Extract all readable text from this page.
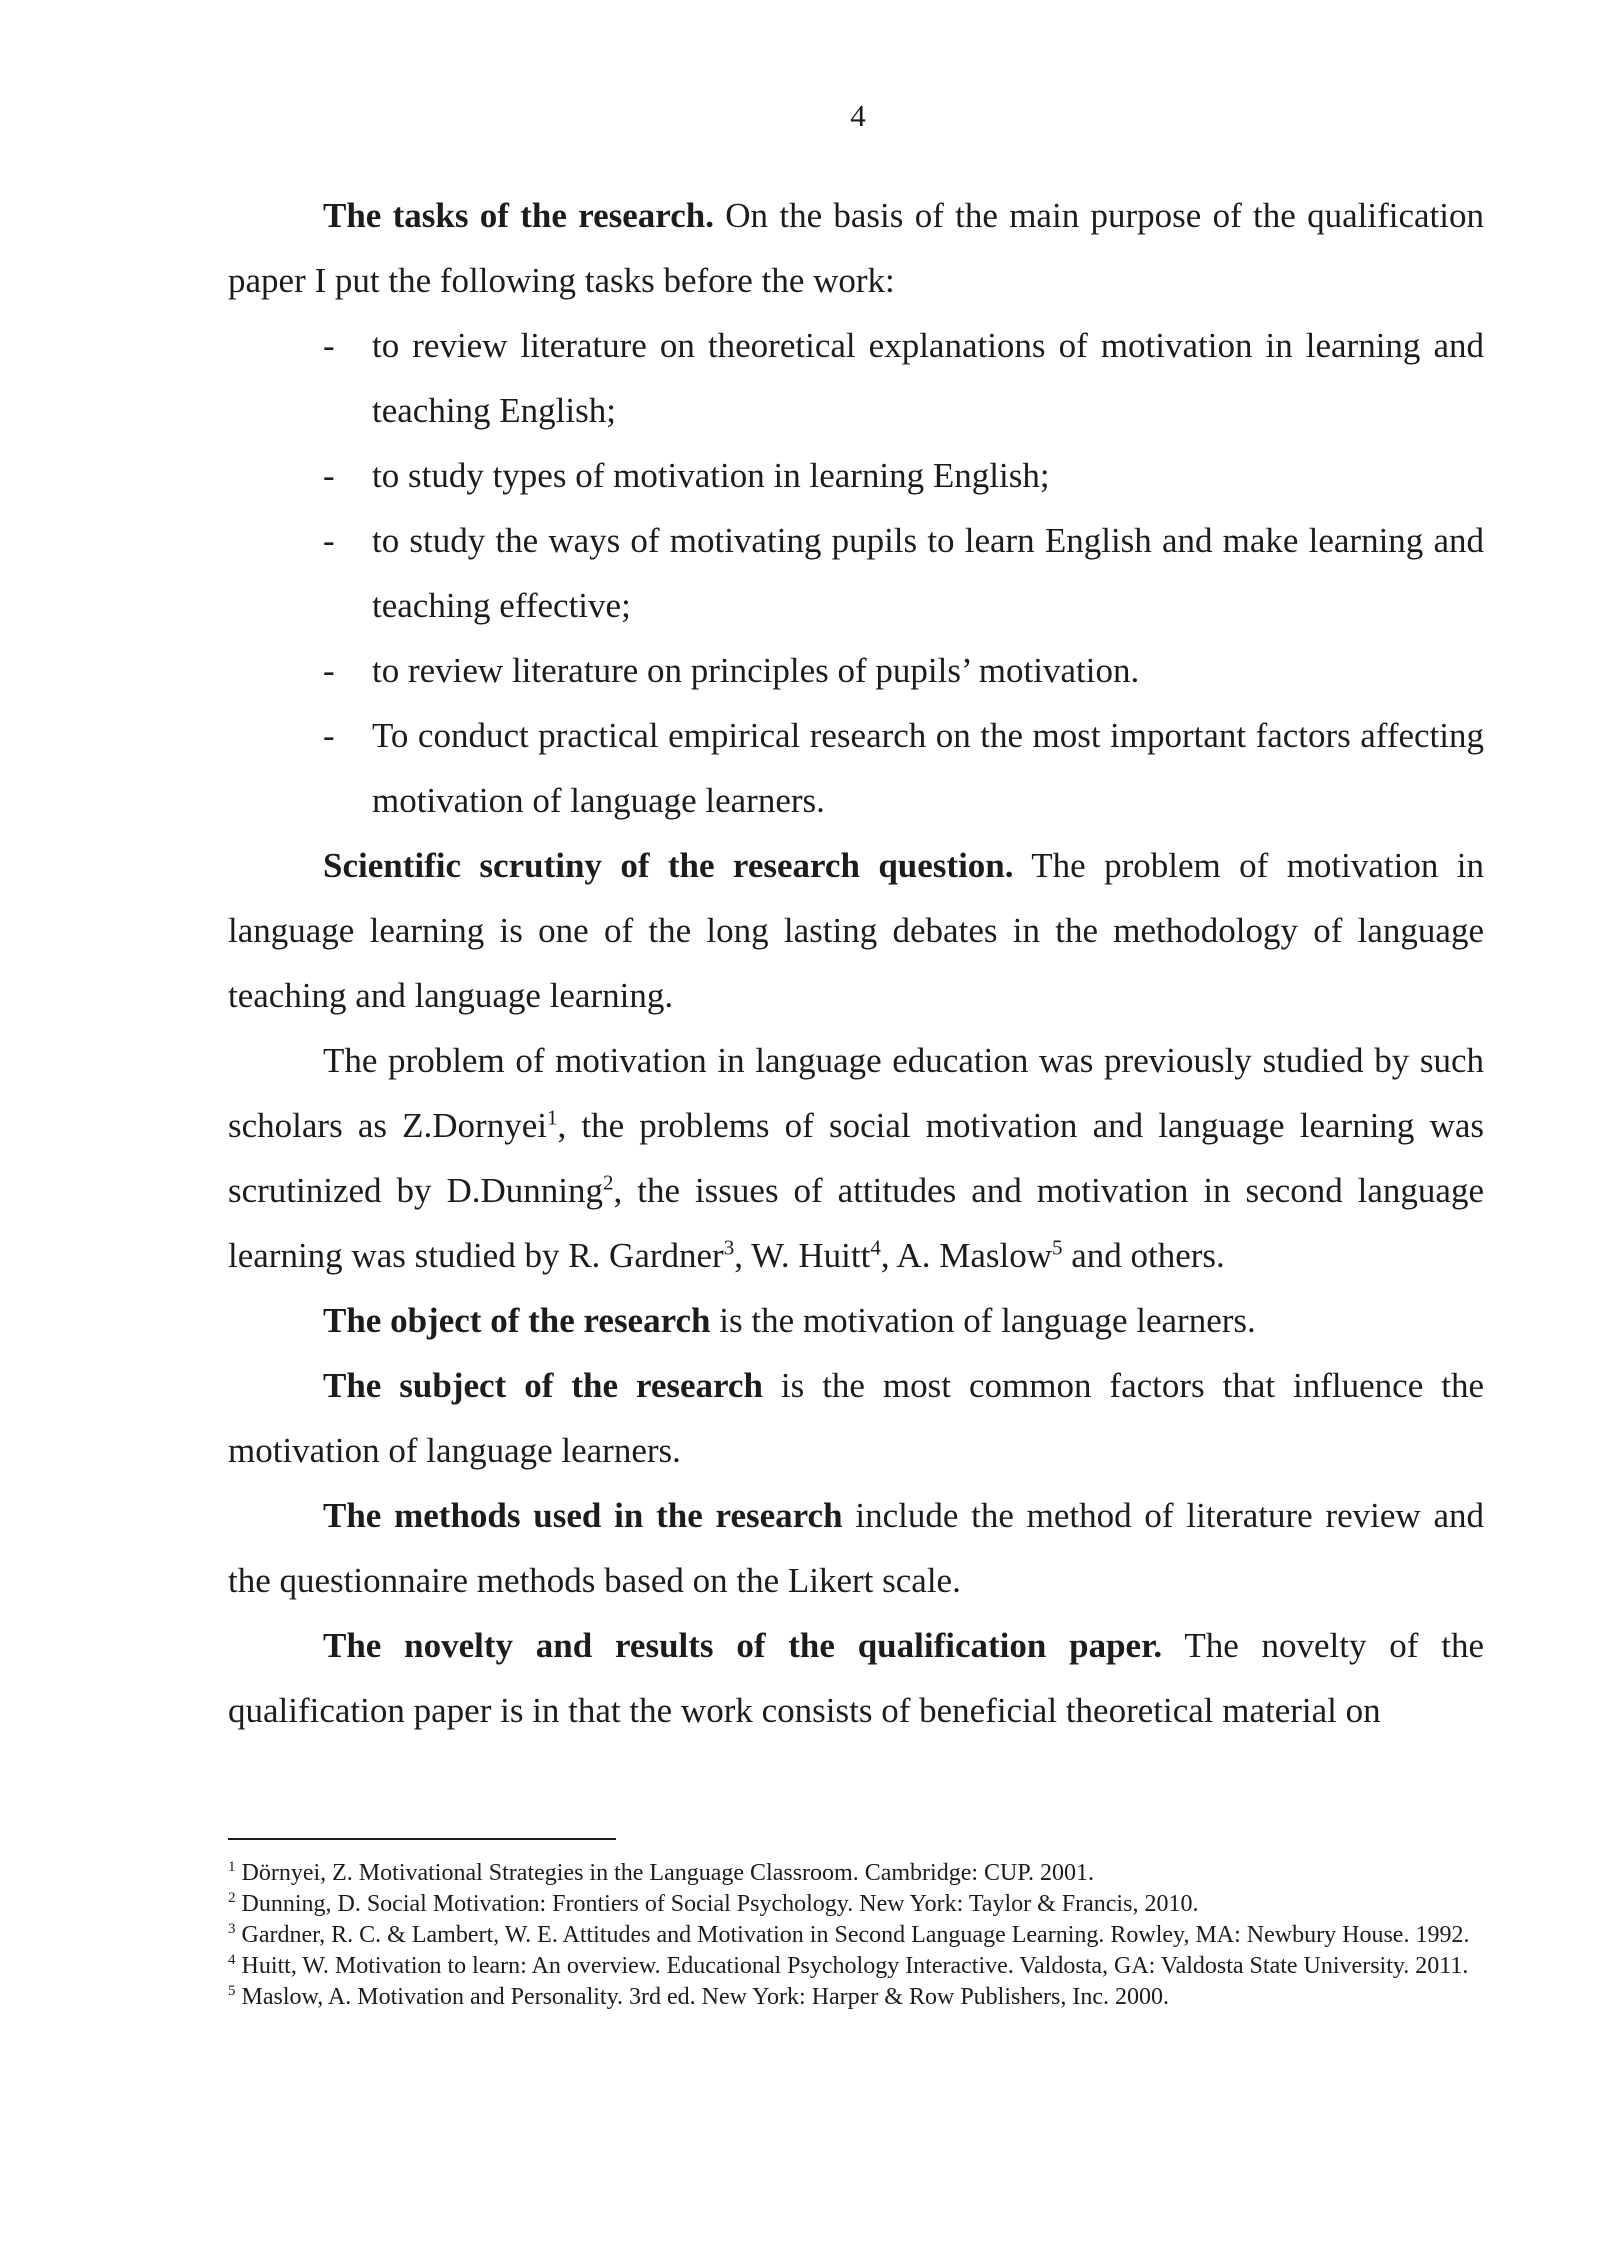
4

The tasks of the research. On the basis of the main purpose of the qualification paper I put the following tasks before the work:

- to review literature on theoretical explanations of motivation in learning and teaching English;
- to study types of motivation in learning English;
- to study the ways of motivating pupils to learn English and make learning and teaching effective;
- to review literature on principles of pupils’ motivation.
- To conduct practical empirical research on the most important factors affecting motivation of language learners.

Scientific scrutiny of the research question. The problem of motivation in language learning is one of the long lasting debates in the methodology of language teaching and language learning.

The problem of motivation in language education was previously studied by such scholars as Z.Dornyei$^1$, the problems of social motivation and language learning was scrutinized by D.Dunning$^2$, the issues of attitudes and motivation in second language learning was studied by R. Gardner$^3$, W. Huitt$^4$, A. Maslow$^5$ and others.

The object of the research is the motivation of language learners.

The subject of the research is the most common factors that influence the motivation of language learners.

The methods used in the research include the method of literature review and the questionnaire methods based on the Likert scale.

The novelty and results of the qualification paper. The novelty of the qualification paper is in that the work consists of beneficial theoretical material on

$^1$ Dörnyei, Z. Motivational Strategies in the Language Classroom. Cambridge: CUP. 2001.

$^2$ Dunning, D. Social Motivation: Frontiers of Social Psychology. New York: Taylor & Francis, 2010.

$^3$ Gardner, R. C. & Lambert, W. E. Attitudes and Motivation in Second Language Learning. Rowley, MA: Newbury House. 1992.

$^4$ Huitt, W. Motivation to learn: An overview. Educational Psychology Interactive. Valdosta, GA: Valdosta State University. 2011.

$^5$ Maslow, A. Motivation and Personality. 3rd ed. New York: Harper & Row Publishers, Inc. 2000.
